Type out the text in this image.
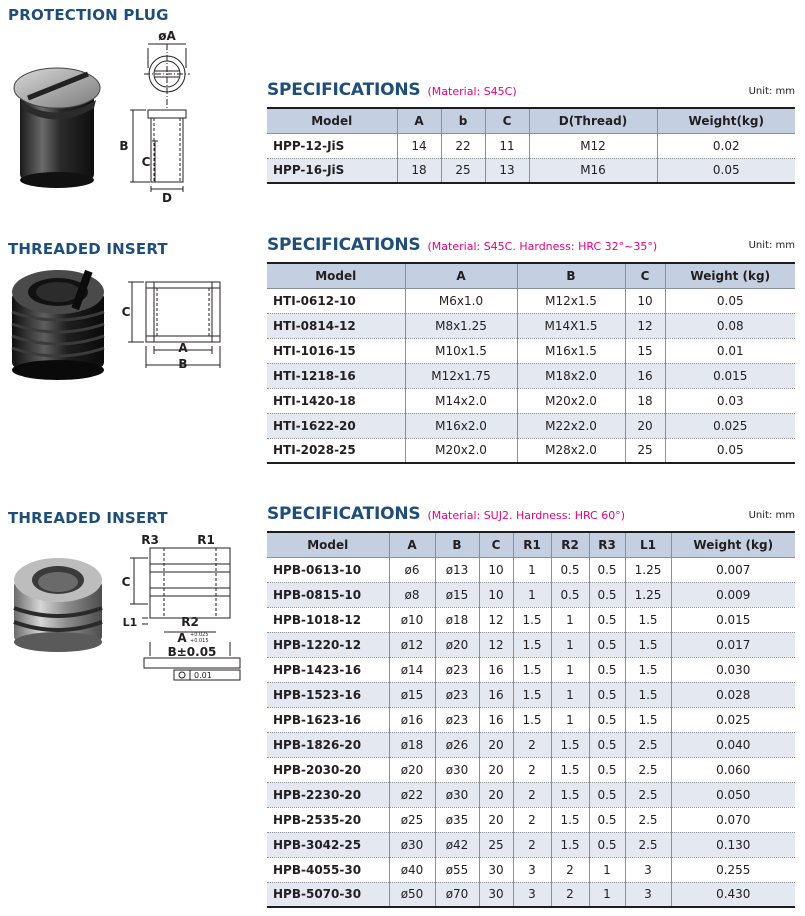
PROTECTION PLUG
øA
B
C
D
SPECIFICATIONS (Material: S45C)	Unit: mm
Model	A	b	C	D(Thread)	Weight(kg)
HPP-12-JiS	14	22	11	M12	0.02
HPP-16-JiS	18	25	13	M16	0.05
THREADED INSERT
C
A
B
SPECIFICATIONS (Material: S45C. Hardness: HRC 32°~35°)	Unit: mm
Model	A	B	C	Weight (kg)
HTI-0612-10	M6x1.0	M12x1.5	10	0.05
HTI-0814-12	M8x1.25	M14X1.5	12	0.08
HTI-1016-15	M10x1.5	M16x1.5	15	0.01
HTI-1218-16	M12x1.75	M18x2.0	16	0.015
HTI-1420-18	M14x2.0	M20x2.0	18	0.03
HTI-1622-20	M16x2.0	M22x2.0	20	0.025
HTI-2028-25	M20x2.0	M28x2.0	25	0.05
THREADED INSERT
R3	R1
C
L1	R2
A +0.025
+0.015
B±0.05
0.01
SPECIFICATIONS (Material: SUJ2. Hardness: HRC 60°)	Unit: mm
Model	A	B	C	R1	R2	R3	L1	Weight (kg)
HPB-0613-10	ø6	ø13	10	1	0.5	0.5	1.25	0.007
HPB-0815-10	ø8	ø15	10	1	0.5	0.5	1.25	0.009
HPB-1018-12	ø10	ø18	12	1.5	1	0.5	1.5	0.015
HPB-1220-12	ø12	ø20	12	1.5	1	0.5	1.5	0.017
HPB-1423-16	ø14	ø23	16	1.5	1	0.5	1.5	0.030
HPB-1523-16	ø15	ø23	16	1.5	1	0.5	1.5	0.028
HPB-1623-16	ø16	ø23	16	1.5	1	0.5	1.5	0.025
HPB-1826-20	ø18	ø26	20	2	1.5	0.5	2.5	0.040
HPB-2030-20	ø20	ø30	20	2	1.5	0.5	2.5	0.060
HPB-2230-20	ø22	ø30	20	2	1.5	0.5	2.5	0.050
HPB-2535-20	ø25	ø35	20	2	1.5	0.5	2.5	0.070
HPB-3042-25	ø30	ø42	25	2	1.5	0.5	2.5	0.130
HPB-4055-30	ø40	ø55	30	3	2	1	3	0.255
HPB-5070-30	ø50	ø70	30	3	2	1	3	0.430
